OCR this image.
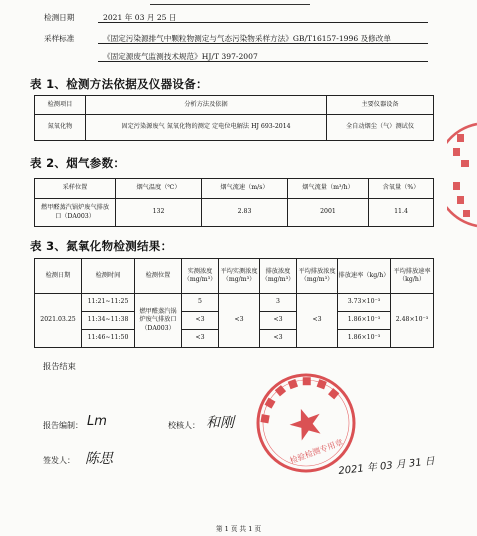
检测日期	2021 年 03 月 25 日
采样标准	《固定污染源排气中颗粒物测定与气态污染物采样方法》GB/T16157-1996 及修改单
《固定源废气监测技术规范》HJ/T 397-2007
表 1、检测方法依据及仪器设备：
检测项目	分析方法及依据	主要仪器设备
氮氧化物	固定污染源废气 氮氧化物的测定 定电位电解法 HJ 693-2014	全自动烟尘（气）测试仪
表 2、烟气参数：
采样位置	烟气温度（℃）	烟气流速（m/s）	烟气流量（m³/h）	含氧量（%）
燃甲醛蒸汽锅炉废气排放口（DA003）	132	2.83	2001	11.4
表 3、氮氧化物检测结果：
检测日期	检测时间	检测位置	实测浓度（mg/m³）	平均实测浓度（mg/m³）	排放浓度（mg/m³）	平均排放浓度（mg/m³）	排放速率（kg/h）	平均排放速率（kg/h）
2021.03.25	11:21~11:25	燃甲醛蒸汽锅炉废气排放口（DA003）	5	<3	3	<3	3.73×10⁻³	2.48×10⁻³
	11:34~11:38		<3		<3		1.86×10⁻³	
	11:46~11:50		<3		<3		1.86×10⁻³	
报告结束
报告编制： Lm	校核人： 和刚
签发人： 陈思	2021 年 03 月 31 日
检验检测专用章
第 1 页 共 1 页
